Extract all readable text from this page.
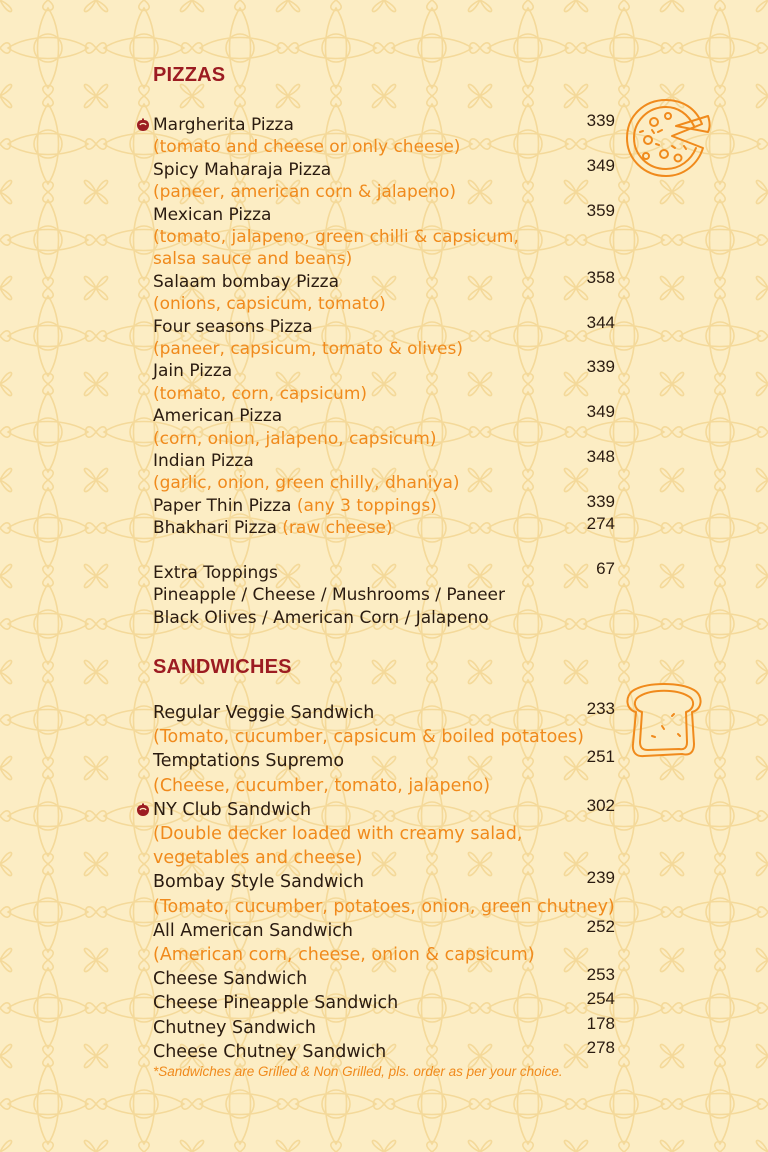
PIZZAS
Margherita Pizza	339
(tomato and cheese or only cheese)
Spicy Maharaja Pizza	349
(paneer, american corn & jalapeno)
Mexican Pizza	359
(tomato, jalapeno, green chilli & capsicum,
salsa sauce and beans)
Salaam bombay Pizza	358
(onions, capsicum, tomato)
Four seasons Pizza	344
(paneer, capsicum, tomato & olives)
Jain Pizza	339
(tomato, corn, capsicum)
American Pizza	349
(corn, onion, jalapeno, capsicum)
Indian Pizza	348
(garlic, onion, green chilly, dhaniya)
Paper Thin Pizza (any 3 toppings)	339
Bhakhari Pizza (raw cheese)	274
Extra Toppings	67
Pineapple / Cheese / Mushrooms / Paneer
Black Olives / American Corn / Jalapeno
SANDWICHES
Regular Veggie Sandwich	233
(Tomato, cucumber, capsicum & boiled potatoes)
Temptations Supremo	251
(Cheese, cucumber, tomato, jalapeno)
NY Club Sandwich	302
(Double decker loaded with creamy salad,
vegetables and cheese)
Bombay Style Sandwich	239
(Tomato, cucumber, potatoes, onion, green chutney)
All American Sandwich	252
(American corn, cheese, onion & capsicum)
Cheese Sandwich	253
Cheese Pineapple Sandwich	254
Chutney Sandwich	178
Cheese Chutney Sandwich	278
*Sandwiches are Grilled & Non Grilled, pls. order as per your choice.
